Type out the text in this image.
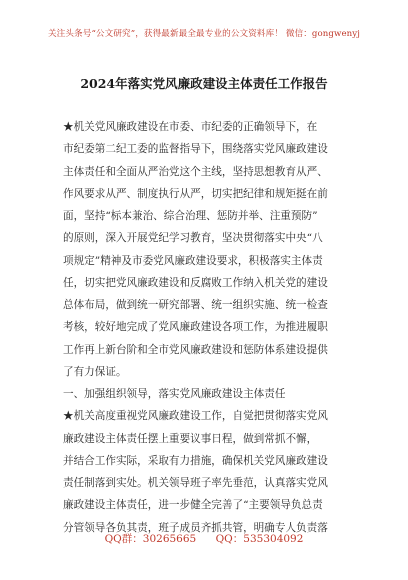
关注头条号“公文研究”，获得最新最全最专业的公文资料库！ 微信：gongwenyj
2024年落实党风廉政建设主体责任工作报告
★机关党风廉政建设在市委、市纪委的正确领导下，在
市纪委第二纪工委的监督指导下，围绕落实党风廉政建设
主体责任和全面从严治党这个主线，坚持思想教育从严、
作风要求从严、制度执行从严，切实把纪律和规矩挺在前
面，坚持“标本兼治、综合治理、惩防并举、注重预防”
的原则，深入开展党纪学习教育，坚决贯彻落实中央“八
项规定”精神及市委党风廉政建设要求，积极落实主体责
任，切实把党风廉政建设和反腐败工作纳入机关党的建设
总体布局，做到统一研究部署、统一组织实施、统一检查
考核，较好地完成了党风廉政建设各项工作，为推进履职
工作再上新台阶和全市党风廉政建设和惩防体系建设提供
了有力保证。
一、加强组织领导，落实党风廉政建设主体责任
★机关高度重视党风廉政建设工作，自觉把贯彻落实党风
廉政建设主体责任摆上重要议事日程，做到常抓不懈，
并结合工作实际，采取有力措施，确保机关党风廉政建设
责任制落到实处。机关领导班子率先垂范，认真落实党风
廉政建设主体责任，进一步健全完善了“主要领导负总责
分管领导各负其责，班子成员齐抓共管，明确专人负责落
QQ群：30265665 QQ：535304092
